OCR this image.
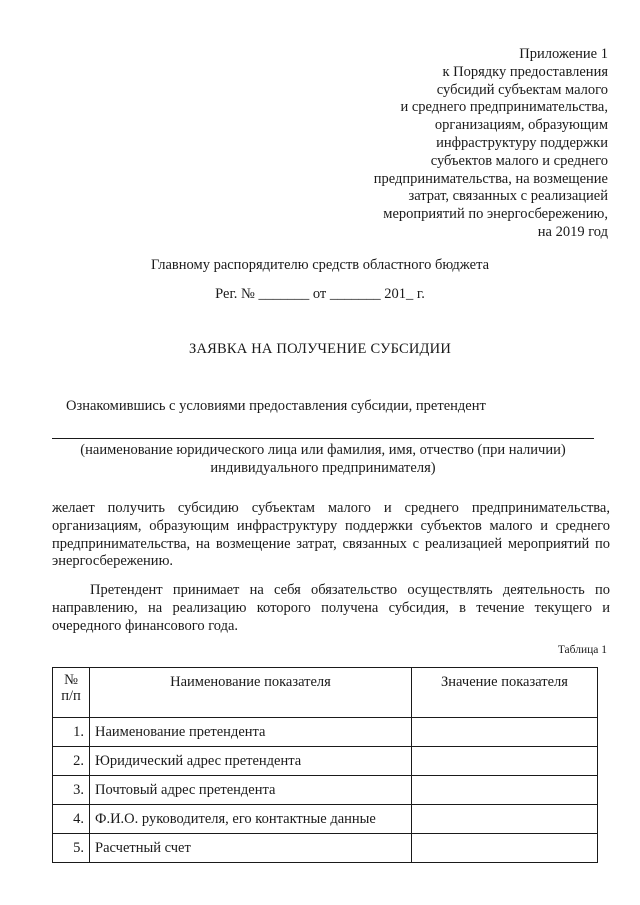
Приложение 1
к Порядку предоставления
субсидий субъектам малого
и среднего предпринимательства,
организациям, образующим
инфраструктуру поддержки
субъектов малого и среднего
предпринимательства, на возмещение
затрат, связанных с реализацией
мероприятий по энергосбережению,
на 2019 год
Главному распорядителю средств областного бюджета
Рег. № _______ от _______ 201_ г.
ЗАЯВКА НА ПОЛУЧЕНИЕ СУБСИДИИ
Ознакомившись с условиями предоставления субсидии, претендент
(наименование юридического лица или фамилия, имя, отчество (при наличии)
индивидуального предпринимателя)
желает получить субсидию субъектам малого и среднего предпринимательства, организациям, образующим инфраструктуру поддержки субъектов малого и среднего предпринимательства, на возмещение затрат, связанных с реализацией мероприятий по энергосбережению.
Претендент принимает на себя обязательство осуществлять деятельность по направлению, на реализацию которого получена субсидия, в течение текущего и очередного финансового года.
Таблица 1
№
п/п	Наименование показателя	Значение показателя
1.	Наименование претендента	
2.	Юридический адрес претендента	
3.	Почтовый адрес претендента	
4.	Ф.И.О. руководителя, его контактные данные	
5.	Расчетный счет	
